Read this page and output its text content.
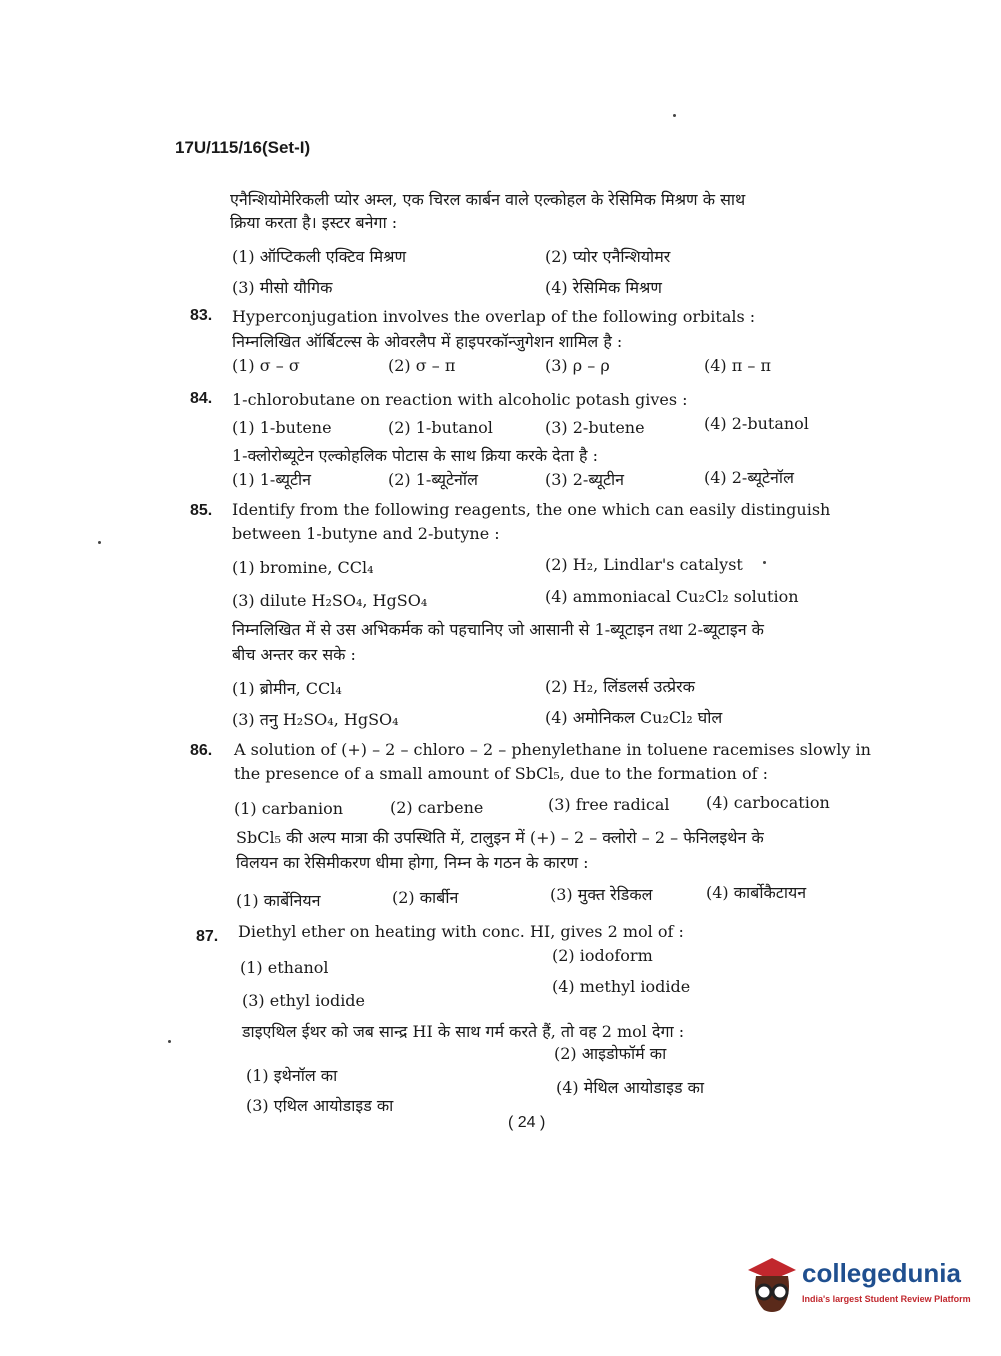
17U/115/16(Set-I)
एनैन्शियोमेरिकली प्योर अम्ल, एक चिरल कार्बन वाले एल्कोहल के रेसिमिक मिश्रण के साथ
क्रिया करता है। इस्टर बनेगा :
(1) ऑप्टिकली एक्टिव मिश्रण	(2) प्योर एनैन्शियोमर
(3) मीसो यौगिक	(4) रेसिमिक मिश्रण
83. Hyperconjugation involves the overlap of the following orbitals :
निम्नलिखित ऑर्बिटल्स के ओवरलैप में हाइपरकॉन्जुगेशन शामिल है :
(1) σ – σ	(2) σ – π	(3) ρ – ρ	(4) π – π
84. 1-chlorobutane on reaction with alcoholic potash gives :
(1) 1-butene	(2) 1-butanol	(3) 2-butene	(4) 2-butanol
1-क्लोरोब्यूटेन एल्कोहलिक पोटास के साथ क्रिया करके देता है :
(1) 1-ब्यूटीन	(2) 1-ब्यूटेनॉल	(3) 2-ब्यूटीन	(4) 2-ब्यूटेनॉल
85. Identify from the following reagents, the one which can easily distinguish
between 1-butyne and 2-butyne :
(1) bromine, CCl₄	(2) H₂, Lindlar's catalyst
(3) dilute H₂SO₄, HgSO₄	(4) ammoniacal Cu₂Cl₂ solution
निम्नलिखित में से उस अभिकर्मक को पहचानिए जो आसानी से 1-ब्यूटाइन तथा 2-ब्यूटाइन के
बीच अन्तर कर सके :
(1) ब्रोमीन, CCl₄	(2) H₂, लिंडलर्स उत्प्रेरक
(3) तनु H₂SO₄, HgSO₄	(4) अमोनिकल Cu₂Cl₂ घोल
86. A solution of (+) – 2 – chloro – 2 – phenylethane in toluene racemises slowly in
the presence of a small amount of SbCl₅, due to the formation of :
(1) carbanion	(2) carbene	(3) free radical (4) carbocation
SbCl₅ की अल्प मात्रा की उपस्थिति में, टालुइन में (+) – 2 – क्लोरो – 2 – फेनिलइथेन के
विलयन का रेसिमीकरण धीमा होगा, निम्न के गठन के कारण :
(1) कार्बेनियन	(2) कार्बीन	(3) मुक्त रेडिकल	(4) कार्बोकैटायन
87. Diethyl ether on heating with conc. HI, gives 2 mol of :
(1) ethanol
(2) iodoform
(3) ethyl iodide
(4) methyl iodide
डाइएथिल ईथर को जब सान्द्र HI के साथ गर्म करते हैं, तो वह 2 mol देगा :
(1) इथेनॉल का
(2) आइडोफॉर्म का
(3) एथिल आयोडाइड का
(4) मेथिल आयोडाइड का
( 24 )
collegedunia
India's largest Student Review Platform
